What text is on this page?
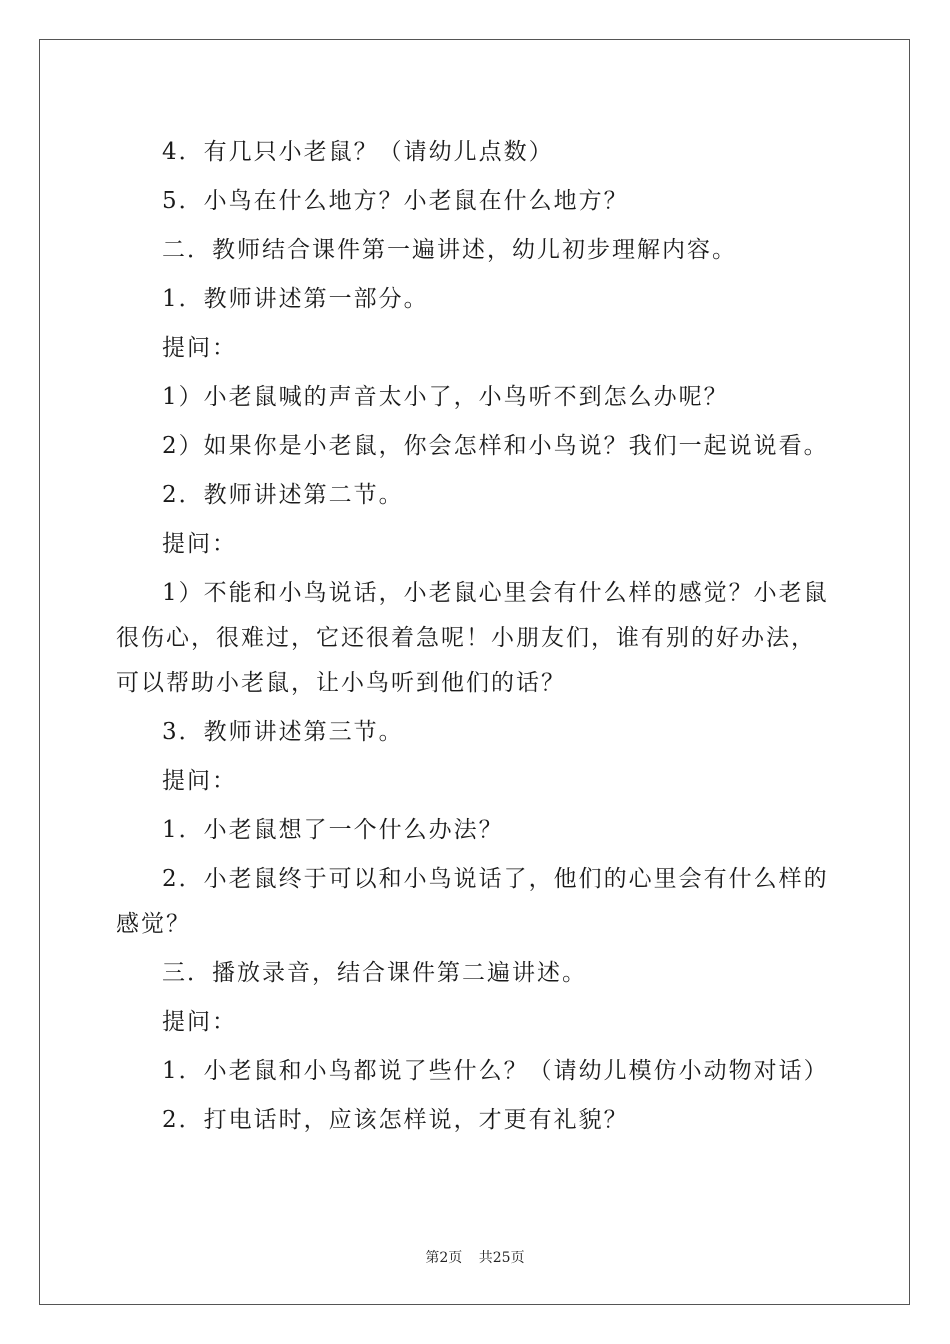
4．有几只小老鼠？（请幼儿点数）

5．小鸟在什么地方？小老鼠在什么地方？

二．教师结合课件第一遍讲述，幼儿初步理解内容。

1．教师讲述第一部分。

提问：

1）小老鼠喊的声音太小了，小鸟听不到怎么办呢？

2）如果你是小老鼠，你会怎样和小鸟说？我们一起说说看。

2．教师讲述第二节。

提问：

1）不能和小鸟说话，小老鼠心里会有什么样的感觉？小老鼠很伤心，很难过，它还很着急呢！小朋友们，谁有别的好办法，可以帮助小老鼠，让小鸟听到他们的话？

3．教师讲述第三节。

提问：

1．小老鼠想了一个什么办法？

2．小老鼠终于可以和小鸟说话了，他们的心里会有什么样的感觉？

三．播放录音，结合课件第二遍讲述。

提问：

1．小老鼠和小鸟都说了些什么？（请幼儿模仿小动物对话）

2．打电话时，应该怎样说，才更有礼貌？

第2页 共25页
